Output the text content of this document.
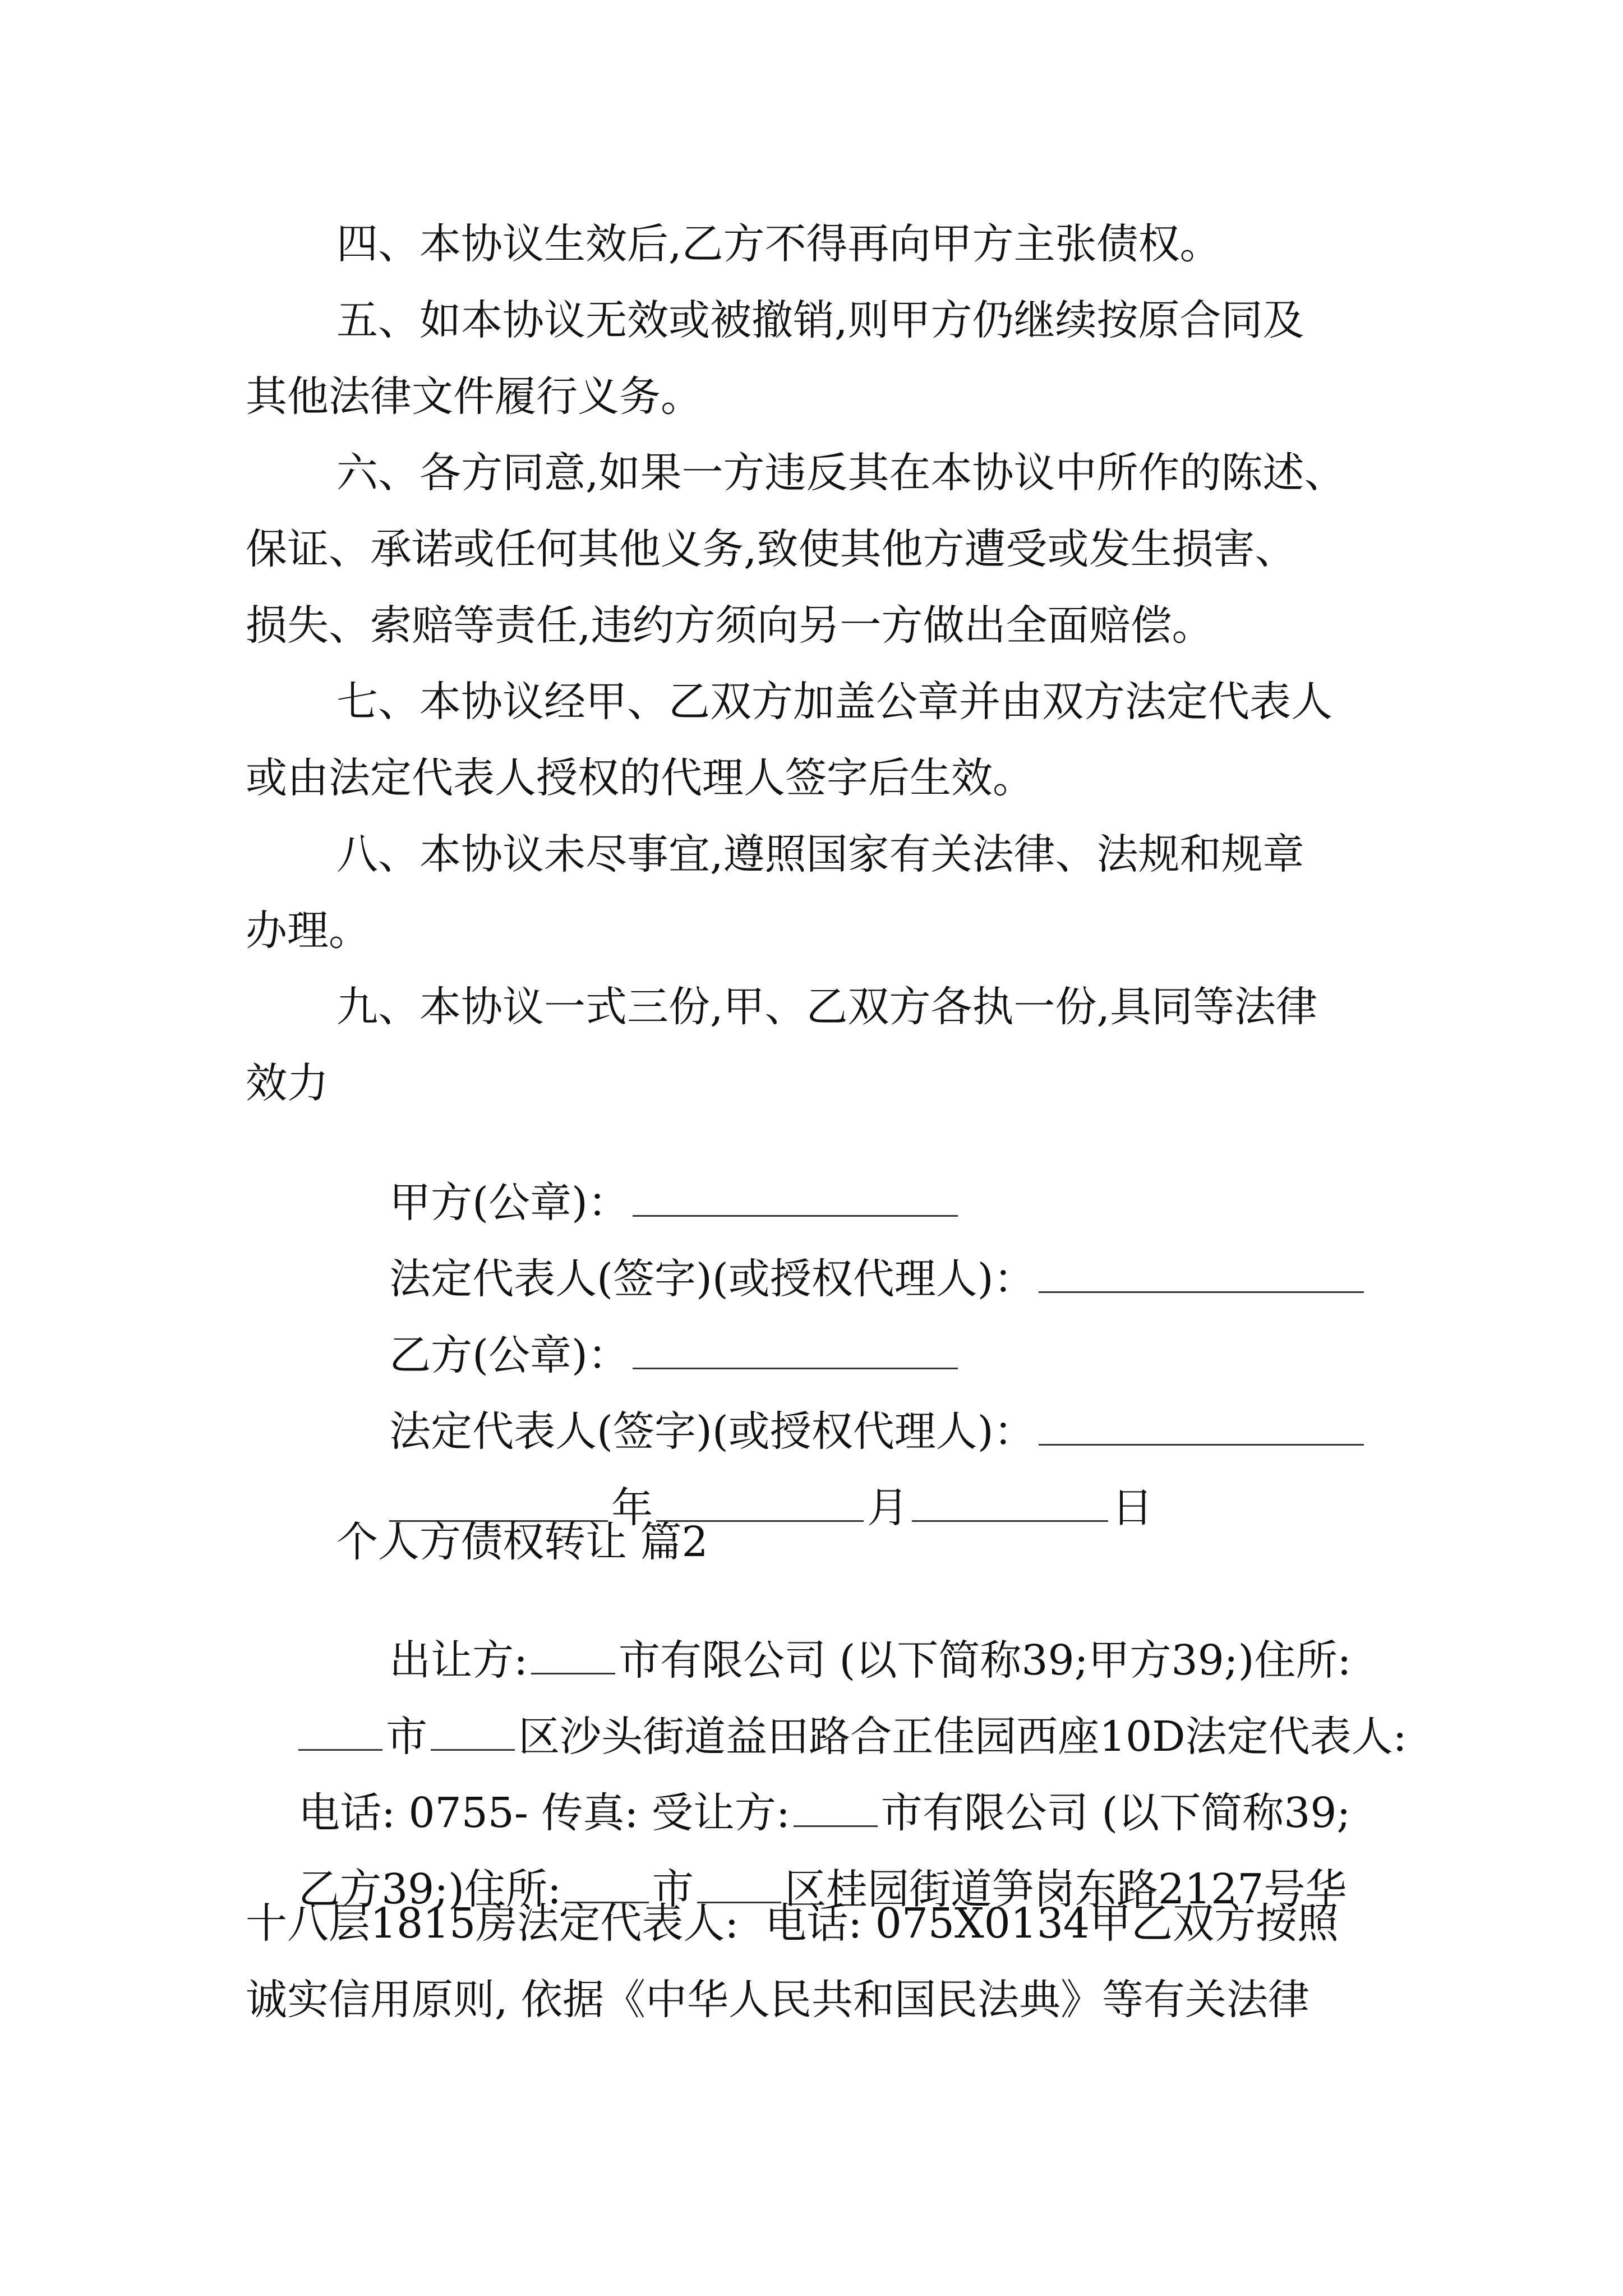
四、本协议生效后,乙方不得再向甲方主张债权。
五、如本协议无效或被撤销,则甲方仍继续按原合同及
其他法律文件履行义务。
六、各方同意,如果一方违反其在本协议中所作的陈述、
保证、承诺或任何其他义务,致使其他方遭受或发生损害、
损失、索赔等责任,违约方须向另一方做出全面赔偿。
七、本协议经甲、乙双方加盖公章并由双方法定代表人
或由法定代表人授权的代理人签字后生效。
八、本协议未尽事宜,遵照国家有关法律、法规和规章
办理。
九、本协议一式三份,甲、乙双方各执一份,具同等法律
效力

甲方(公章)：

法定代表人(签字)(或授权代理人)：

乙方(公章)：

法定代表人(签字)(或授权代理人)：

年	月	日

个人方债权转让 篇2

出让方: 市有限公司 (以下简称39;甲方39;)住所:

市 区沙头街道益田路合正佳园西座10D法定代表人:

电话: 0755- 传真: 受让方: 市有限公司 (以下简称39;

乙方39;)住所: 市 区桂园街道笋岗东路2127号华

十八层1815房法定代表人:  电话: 075X0134甲乙双方按照
诚实信用原则, 依据《中华人民共和国民法典》等有关法律
